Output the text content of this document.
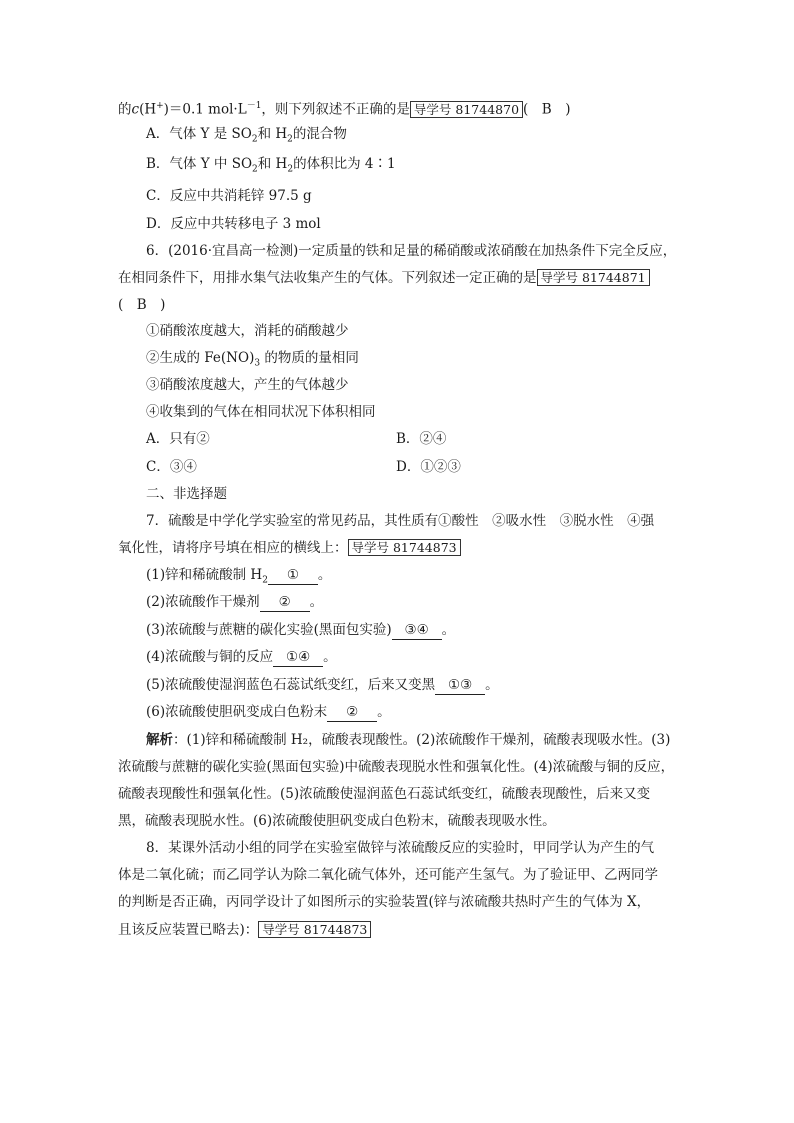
的c(H+)＝0.1 $mol\cdot L^{-1}$，则下列叙述不正确的是 导学号 81744870 (　B　)
A．气体 Y 是 $SO_2$和 $H_2$的混合物
B．气体 Y 中 $SO_2$和 $H_2$的体积比为 4∶1
C．反应中共消耗锌 97.5 g
D．反应中共转移电子 3 mol
6．(2016·宜昌高一检测)一定质量的铁和足量的稀硝酸或浓硝酸在加热条件下完全反应，
在相同条件下，用排水集气法收集产生的气体。下列叙述一定正确的是 导学号 81744871
(　B　)
①硝酸浓度越大，消耗的硝酸越少
②生成的 $Fe(NO)_3$ 的物质的量相同
③硝酸浓度越大，产生的气体越少
④收集到的气体在相同状况下体积相同
A．只有②	B．②④
C．③④	D．①②③
二、非选择题
7．硫酸是中学化学实验室的常见药品，其性质有①酸性　②吸水性　③脱水性　④强
氧化性，请将序号填在相应的横线上： 导学号 81744873
(1)锌和稀硫酸制 $H_2$ ① 。
(2)浓硫酸作干燥剂 ② 。
(3)浓硫酸与蔗糖的碳化实验(黑面包实验) ③④ 。
(4)浓硫酸与铜的反应 ①④ 。
(5)浓硫酸使湿润蓝色石蕊试纸变红，后来又变黑 ①③ 。
(6)浓硫酸使胆矾变成白色粉末 ② 。
解析：(1)锌和稀硫酸制 H₂，硫酸表现酸性。(2)浓硫酸作干燥剂，硫酸表现吸水性。(3)
浓硫酸与蔗糖的碳化实验(黑面包实验)中硫酸表现脱水性和强氧化性。(4)浓硫酸与铜的反应，
硫酸表现酸性和强氧化性。(5)浓硫酸使湿润蓝色石蕊试纸变红，硫酸表现酸性，后来又变
黑，硫酸表现脱水性。(6)浓硫酸使胆矾变成白色粉末，硫酸表现吸水性。
8．某课外活动小组的同学在实验室做锌与浓硫酸反应的实验时，甲同学认为产生的气
体是二氧化硫；而乙同学认为除二氧化硫气体外，还可能产生氢气。为了验证甲、乙两同学
的判断是否正确，丙同学设计了如图所示的实验装置(锌与浓硫酸共热时产生的气体为 X，
且该反应装置已略去)： 导学号 81744873
